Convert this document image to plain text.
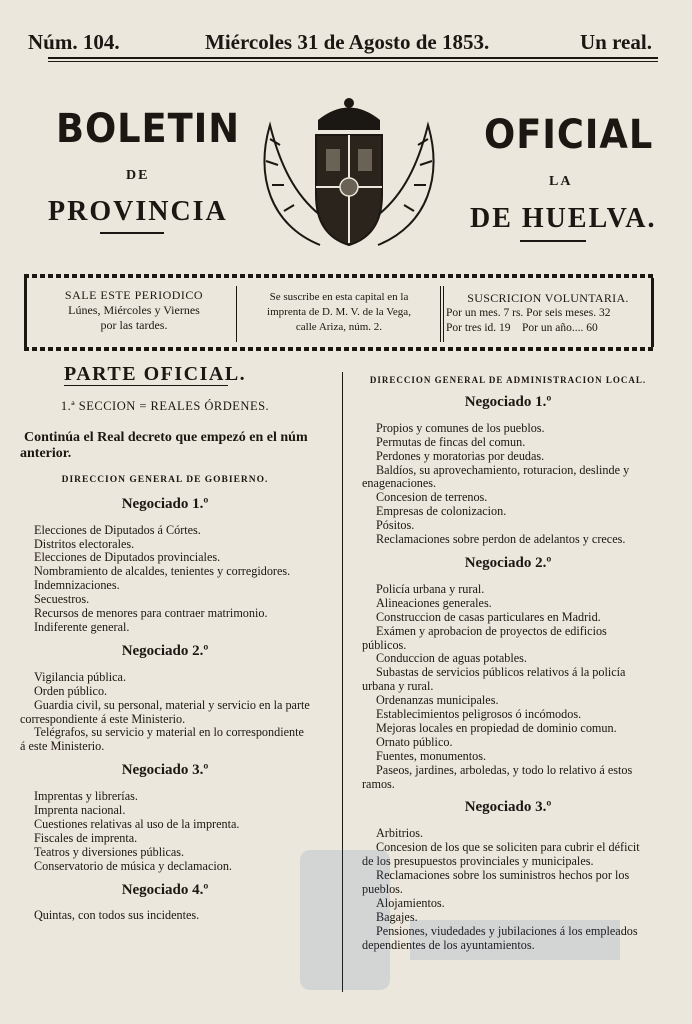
Núm. 104.	Miércoles 31 de Agosto de 1853.	Un real.
BOLETIN
DE
PROVINCIA
OFICIAL
LA
DE HUELVA.
SALE ESTE PERIODICO
Lúnes, Miércoles y Viernes
por las tardes.
Se suscribe en esta capital en la
imprenta de D. M. V. de la Vega,
calle Ariza, núm. 2.
SUSCRICION VOLUNTARIA.
Por un mes. 7 rs. Por seis meses. 32
Por tres id. 19    Por un año.... 60

PARTE OFICIAL.

1.ª SECCION = REALES ÓRDENES.

Continúa el Real decreto que empezó en el núm anterior.

DIRECCION GENERAL DE GOBIERNO.

Negociado 1.º

Elecciones de Diputados á Córtes.

Distritos electorales.

Elecciones de Diputados provinciales.

Nombramiento de alcaldes, tenientes y corregidores.

Indemnizaciones.

Secuestros.

Recursos de menores para contraer matrimonio.

Indiferente general.

Negociado 2.º

Vigilancia pública.

Orden público.

Guardia civil, su personal, material y servicio en la parte correspondiente á este Ministerio.

Telégrafos, su servicio y material en lo correspondiente á este Ministerio.

Negociado 3.º

Imprentas y librerías.

Imprenta nacional.

Cuestiones relativas al uso de la imprenta.

Fiscales de imprenta.

Teatros y diversiones públicas.

Conservatorio de música y declamacion.

Negociado 4.º

Quintas, con todos sus incidentes.

DIRECCION GENERAL DE ADMINISTRACION LOCAL.

Negociado 1.º

Propios y comunes de los pueblos.

Permutas de fincas del comun.

Perdones y moratorias por deudas.

Baldíos, su aprovechamiento, roturacion, deslinde y enagenaciones.

Concesion de terrenos.

Empresas de colonizacion.

Pósitos.

Reclamaciones sobre perdon de adelantos y creces.

Negociado 2.º

Policía urbana y rural.

Alineaciones generales.

Construccion de casas particulares en Madrid.

Exámen y aprobacion de proyectos de edificios públicos.

Conduccion de aguas potables.

Subastas de servicios públicos relativos á la policía urbana y rural.

Ordenanzas municipales.

Establecimientos peligrosos ó incómodos.

Mejoras locales en propiedad de dominio comun.

Ornato público.

Fuentes, monumentos.

Paseos, jardines, arboledas, y todo lo relativo á estos ramos.

Negociado 3.º

Arbitrios.

Concesion de los que se soliciten para cubrir el déficit de los presupuestos provinciales y municipales.

Reclamaciones sobre los suministros hechos por los pueblos.

Alojamientos.

Bagajes.

Pensiones, viudedades y jubilaciones á los empleados dependientes de los ayuntamientos.
